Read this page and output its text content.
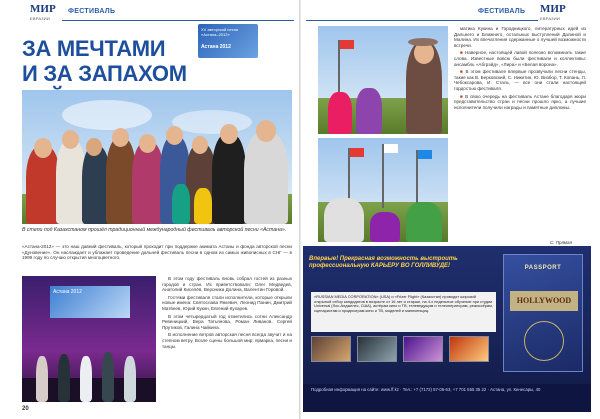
МИР
ЕВРАЗИИ
ФЕСТИВАЛЬ
ЗА МЕЧТАМИ
И ЗА ЗАПАХОМ
XV авторской песни «Астана–2012»
Астана 2012
В степи под Казахстаном прошёл традиционный международный фестиваль авторской песни «Астана».
«Астана-2012» — это наш давний фестиваль, который проходит при поддержке акимата Астаны и фонда авторской песни «Дуновение». Он наслаждает и ублажает проведение дальней фестиваль песни в одном из самых живописных в СНГ — в 1999 году по случаю открытия многоцветного.
Астана 2012

В этом году фестиваль вновь собрал гостей из разных городов и стран. Их приветствовали: Олег Медведев, Анатолий Киселёв, Вероника Долина, Валентин Горовой.

Гостями фестиваля стали исполнители, которые открыли новые имена: Святослава Янкевич, Леонид Панин, Дмитрий Матвеев, Юрий Кукин, Евгений Кухарев.

В этом четыредцатый год отметились сотни Александр Ревеницкий, Вера Татьянова, Роман Ливанов, Сергей Прутиков, Галина Чайкина.

В исполнение ветров авторская песня всегда звучит и на степном ветру. Возле сцены большой мир: ярмарка, песни и танцы.

20
ФЕСТИВАЛЬ МИР
ЕВРАЗИИ

матика Кукина и Городницкого, литературных идей из Дальнего и Ближнего, остальных выступлений Далиной и Малина. Их впечатления сдержанные о лучшей возможности встречи.

■ Наверное, настоящей лавой полезно вспоминать такие слова. Известные вовсю были фестивали и коллективы: ансамбль «Абгрэйд», «Лира» и «Белая ворона».

■ В этом фестивале впервые прозвучали песни стенды, такие как В. Берковский, С. Никитин, Ю. Визбор, Т. Копань, Л. Чебоксарова, И. Сталь, — все они стали настоящей гордостью фестиваля.

■ В свою очередь на фестиваль Астане благодаря жюри представительство стран и песни прошло ярко, а лучшие исполнители получили награды и памятные дипломы.

С. Прямая
Впервые! Прекрасная возможность выстроить профессиональную КАРЬЕРУ ВО ГОЛЛИВУДЕ!
«RUSSIAN MEDIA CORPORATION» (USA) и «Frizer Flight» (Казахстан) проводят широкий открытый отбор кандидатов в возрасте от 16 лет и старше, на 4-х недельное обучение при студии Universal (Лос-Анджелес, США), актёрам кино и ТВ, телеведущим и телеоператорам, режиссёрам, сценаристам и продюсерам кино и ТВ, моделей и манекенщиц.
PASSPORT
HOLLYWOOD
Подробная информация на сайте: www.ff.kz · Тел.: +7 (7172) 57-06-63, +7 701 555 35 22 · Астана, ул. Кенесары, 40
